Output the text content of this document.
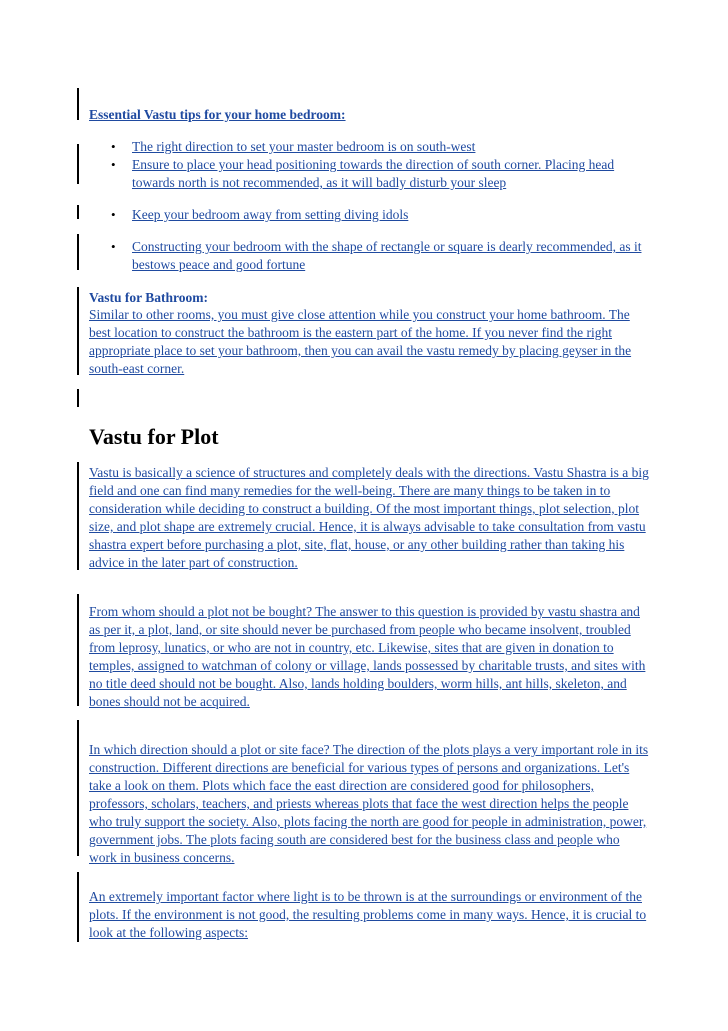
Essential Vastu tips for your home bedroom:
• The right direction to set your master bedroom is on south-west
• Ensure to place your head positioning towards the direction of south corner. Placing head towards north is not recommended, as it will badly disturb your sleep
• Keep your bedroom away from setting diving idols
• Constructing your bedroom with the shape of rectangle or square is dearly recommended, as it bestows peace and good fortune
Vastu for Bathroom:

Similar to other rooms, you must give close attention while you construct your home bathroom. The best location to construct the bathroom is the eastern part of the home. If you never find the right appropriate place to set your bathroom, then you can avail the vastu remedy by placing geyser in the south-east corner.

Vastu for Plot

Vastu is basically a science of structures and completely deals with the directions. Vastu Shastra is a big field and one can find many remedies for the well-being. There are many things to be taken in to consideration while deciding to construct a building. Of the most important things, plot selection, plot size, and plot shape are extremely crucial. Hence, it is always advisable to take consultation from vastu shastra expert before purchasing a plot, site, flat, house, or any other building rather than taking his advice in the later part of construction.

From whom should a plot not be bought? The answer to this question is provided by vastu shastra and as per it, a plot, land, or site should never be purchased from people who became insolvent, troubled from leprosy, lunatics, or who are not in country, etc. Likewise, sites that are given in donation to temples, assigned to watchman of colony or village, lands possessed by charitable trusts, and sites with no title deed should not be bought. Also, lands holding boulders, worm hills, ant hills, skeleton, and bones should not be acquired.

In which direction should a plot or site face? The direction of the plots plays a very important role in its construction. Different directions are beneficial for various types of persons and organizations. Let's take a look on them. Plots which face the east direction are considered good for philosophers, professors, scholars, teachers, and priests whereas plots that face the west direction helps the people who truly support the society. Also, plots facing the north are good for people in administration, power, government jobs. The plots facing south are considered best for the business class and people who work in business concerns.

An extremely important factor where light is to be thrown is at the surroundings or environment of the plots. If the environment is not good, the resulting problems come in many ways. Hence, it is crucial to look at the following aspects:
